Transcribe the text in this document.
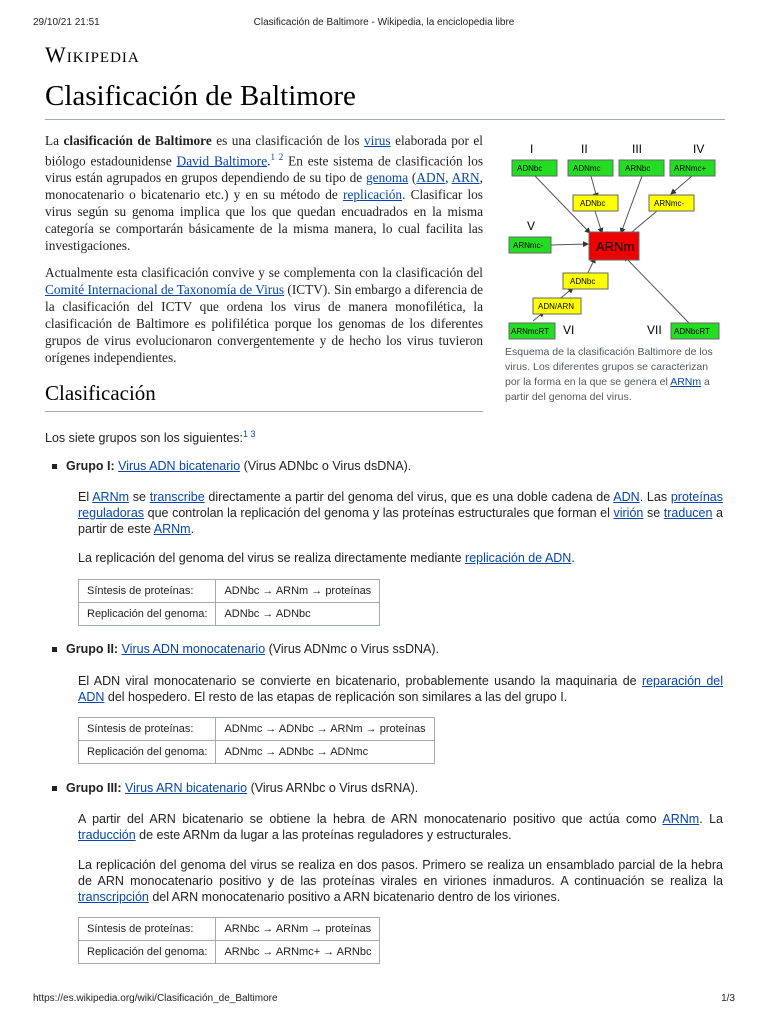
29/10/21 21:51	Clasificación de Baltimore - Wikipedia, la enciclopedia libre
Wikipedia
Clasificación de Baltimore

La clasificación de Baltimore es una clasificación de los virus elaborada por el biólogo estadounidense David Baltimore.$^{1 2}$ En este sistema de clasificación los virus están agrupados en grupos dependiendo de su tipo de genoma (ADN, ARN, monocatenario o bicatenario etc.) y en su método de replicación. Clasificar los virus según su genoma implica que los que quedan encuadrados en la misma categoría se comportarán básicamente de la misma manera, lo cual facilita las investigaciones.

Actualmente esta clasificación convive y se complementa con la clasificación del Comité Internacional de Taxonomía de Virus (ICTV). Sin embargo a diferencia de la clasificación del ICTV que ordena los virus de manera monofilética, la clasificación de Baltimore es polifilética porque los genomas de los diferentes grupos de virus evolucionaron convergentemente y de hecho los virus tuvieron orígenes independientes.

I	II	III	IV
V
VI	VII
ADNbc	ADNmc	ARNbc	ARNmc+
ADNbc	ARNmc-
ARNmc-	ARNm
ADNbc
ADN/ARN
ARNmcRT	ADNbcRT
Esquema de la clasificación Baltimore de los virus. Los diferentes grupos se caracterizan por la forma en la que se genera el ARNm a partir del genoma del virus.
Clasificación
Los siete grupos son los siguientes:$^{1 3}$
Grupo I: Virus ADN bicatenario (Virus ADNbc o Virus dsDNA).

El ARNm se transcribe directamente a partir del genoma del virus, que es una doble cadena de ADN. Las proteínas reguladoras que controlan la replicación del genoma y las proteínas estructurales que forman el virión se traducen a partir de este ARNm.

La replicación del genoma del virus se realiza directamente mediante replicación de ADN.

Síntesis de proteínas:	ADNbc → ARNm → proteínas
Replicación del genoma:	ADNbc → ADNbc
Grupo II: Virus ADN monocatenario (Virus ADNmc o Virus ssDNA).

El ADN viral monocatenario se convierte en bicatenario, probablemente usando la maquinaria de reparación del ADN del hospedero. El resto de las etapas de replicación son similares a las del grupo I.

Síntesis de proteínas:	ADNmc → ADNbc → ARNm → proteínas
Replicación del genoma:	ADNmc → ADNbc → ADNmc
Grupo III: Virus ARN bicatenario (Virus ARNbc o Virus dsRNA).

A partir del ARN bicatenario se obtiene la hebra de ARN monocatenario positivo que actúa como ARNm. La traducción de este ARNm da lugar a las proteínas reguladores y estructurales.

La replicación del genoma del virus se realiza en dos pasos. Primero se realiza un ensamblado parcial de la hebra de ARN monocatenario positivo y de las proteínas virales en viriones inmaduros. A continuación se realiza la transcripción del ARN monocatenario positivo a ARN bicatenario dentro de los viriones.

Síntesis de proteínas:	ARNbc → ARNm → proteínas
Replicación del genoma:	ARNbc → ARNmc+ → ARNbc
https://es.wikipedia.org/wiki/Clasificación_de_Baltimore	1/3
